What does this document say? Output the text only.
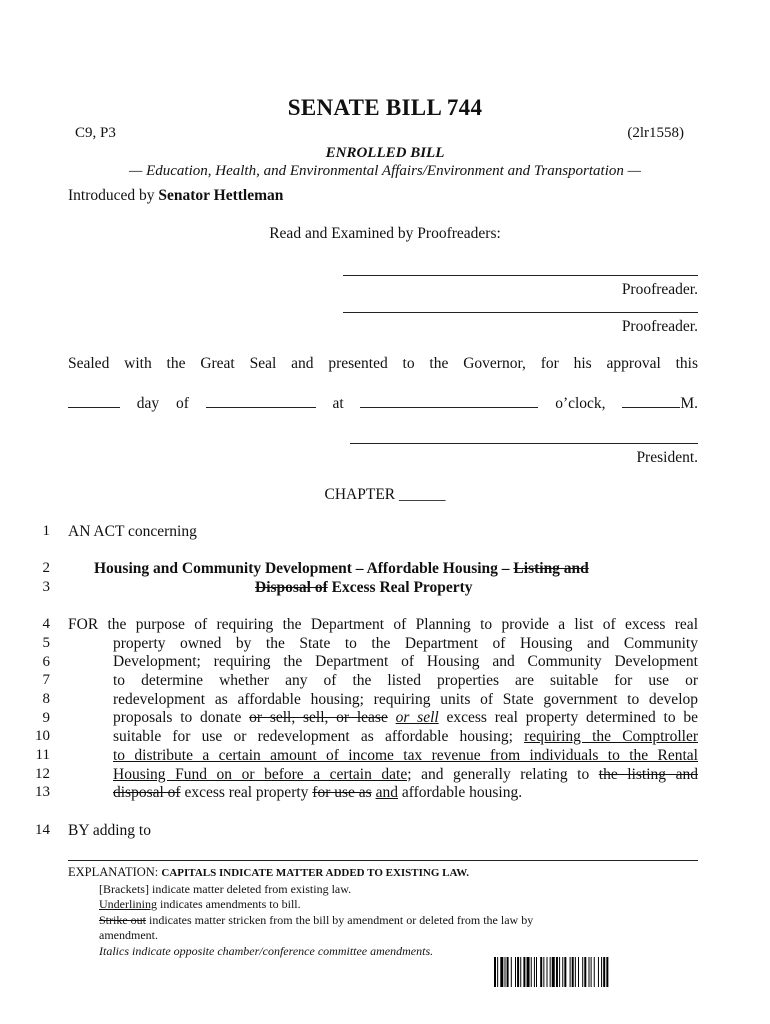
SENATE BILL 744
C9, P3	(2lr1558)
ENROLLED BILL
— Education, Health, and Environmental Affairs/Environment and Transportation —
Introduced by Senator Hettleman
Read and Examined by Proofreaders:
Proofreader.
Proofreader.
Sealed with the Great Seal and presented to the Governor, for his approval this
day of	at	o’clock,	M.
President.
CHAPTER ______
1
2
3
4
5
6
7
8
9
10
11
12
13
14
AN ACT concerning
Housing and Community Development – Affordable Housing – Listing and
Disposal of Excess Real Property
FOR the purpose of requiring the Department of Planning to provide a list of excess real
property owned by the State to the Department of Housing and Community
Development; requiring the Department of Housing and Community Development
to determine whether any of the listed properties are suitable for use or
redevelopment as affordable housing; requiring units of State government to develop
proposals to donate or sell, sell, or lease or sell excess real property determined to be
suitable for use or redevelopment as affordable housing; requiring the Comptroller
to distribute a certain amount of income tax revenue from individuals to the Rental
Housing Fund on or before a certain date; and generally relating to the listing and
disposal of excess real property for use as and affordable housing.
BY adding to
EXPLANATION: CAPITALS INDICATE MATTER ADDED TO EXISTING LAW.
[Brackets] indicate matter deleted from existing law.
Underlining indicates amendments to bill.
Strike out indicates matter stricken from the bill by amendment or deleted from the law by
amendment.
Italics indicate opposite chamber/conference committee amendments.
